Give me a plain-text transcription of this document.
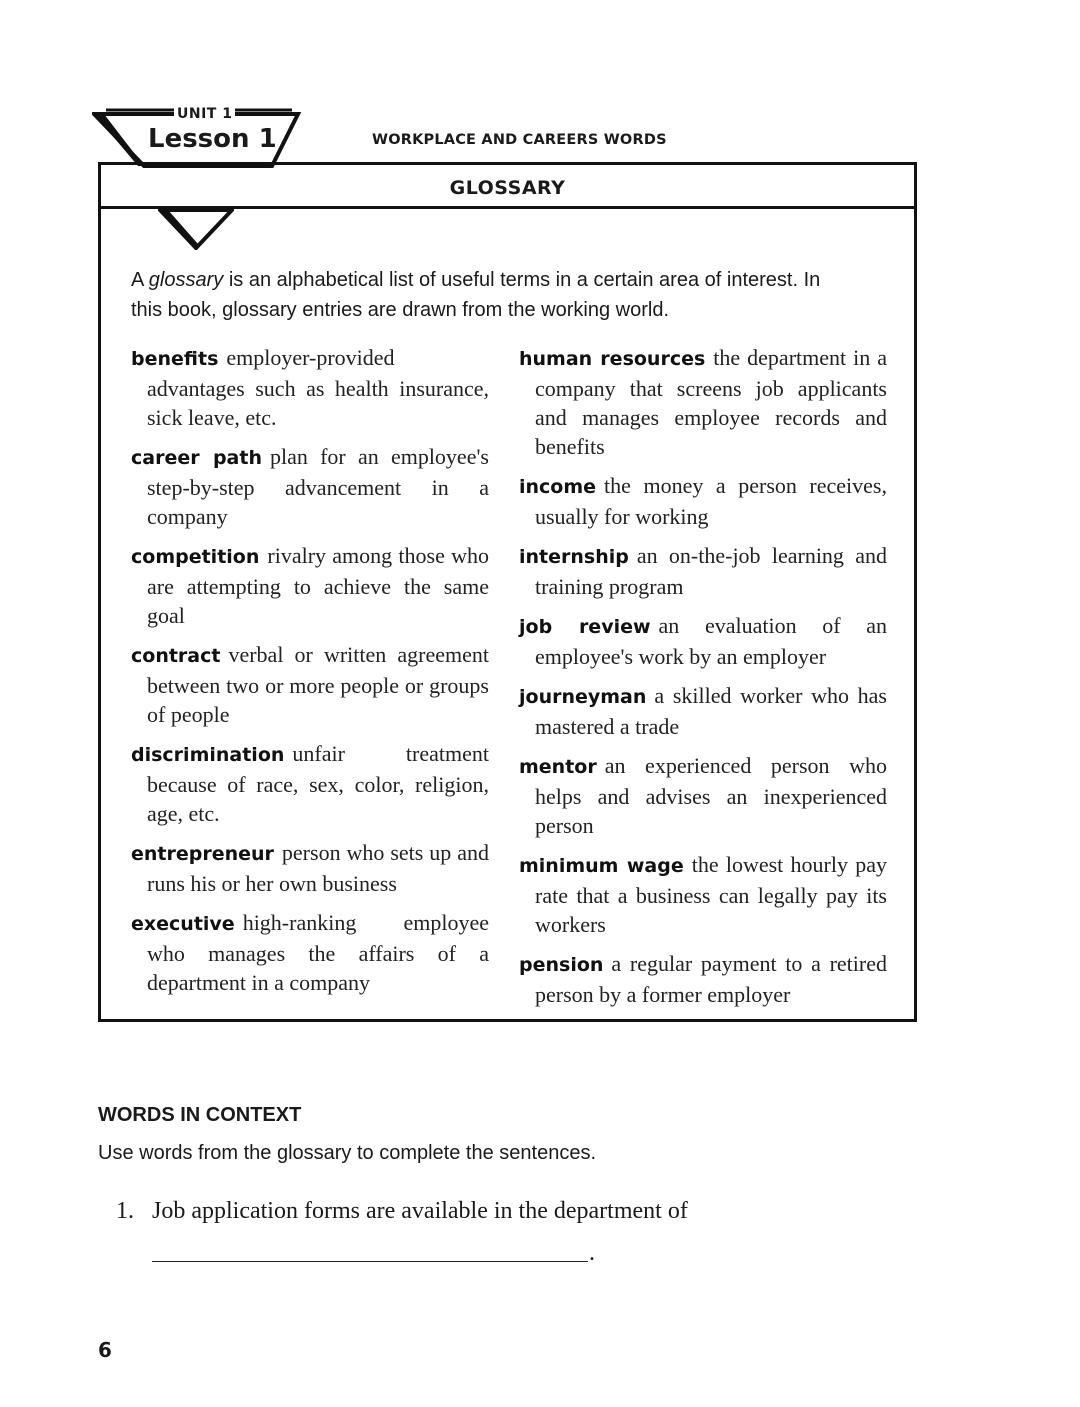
UNIT 1
Lesson 1	WORKPLACE AND CAREERS WORDS
GLOSSARY
A glossary is an alphabetical list of useful terms in a certain area of interest. In this book, glossary entries are drawn from the working world.
benefits employer-provided advantages such as health insurance, sick leave, etc.
career path plan for an employee's step-by-step advancement in a company
competition rivalry among those who are attempting to achieve the same goal
contract verbal or written agreement between two or more people or groups of people
discrimination unfair treatment because of race, sex, color, religion, age, etc.
entrepreneur person who sets up and runs his or her own business
executive high-ranking employee who manages the affairs of a department in a company
human resources the department in a company that screens job applicants and manages employee records and benefits
income the money a person receives, usually for working
internship an on-the-job learning and training program
job review an evaluation of an employee's work by an employer
journeyman a skilled worker who has mastered a trade
mentor an experienced person who helps and advises an inexperienced person
minimum wage the lowest hourly pay rate that a business can legally pay its workers
pension a regular payment to a retired person by a former employer
WORDS IN CONTEXT
Use words from the glossary to complete the sentences.
1. Job application forms are available in the department of
.
6
